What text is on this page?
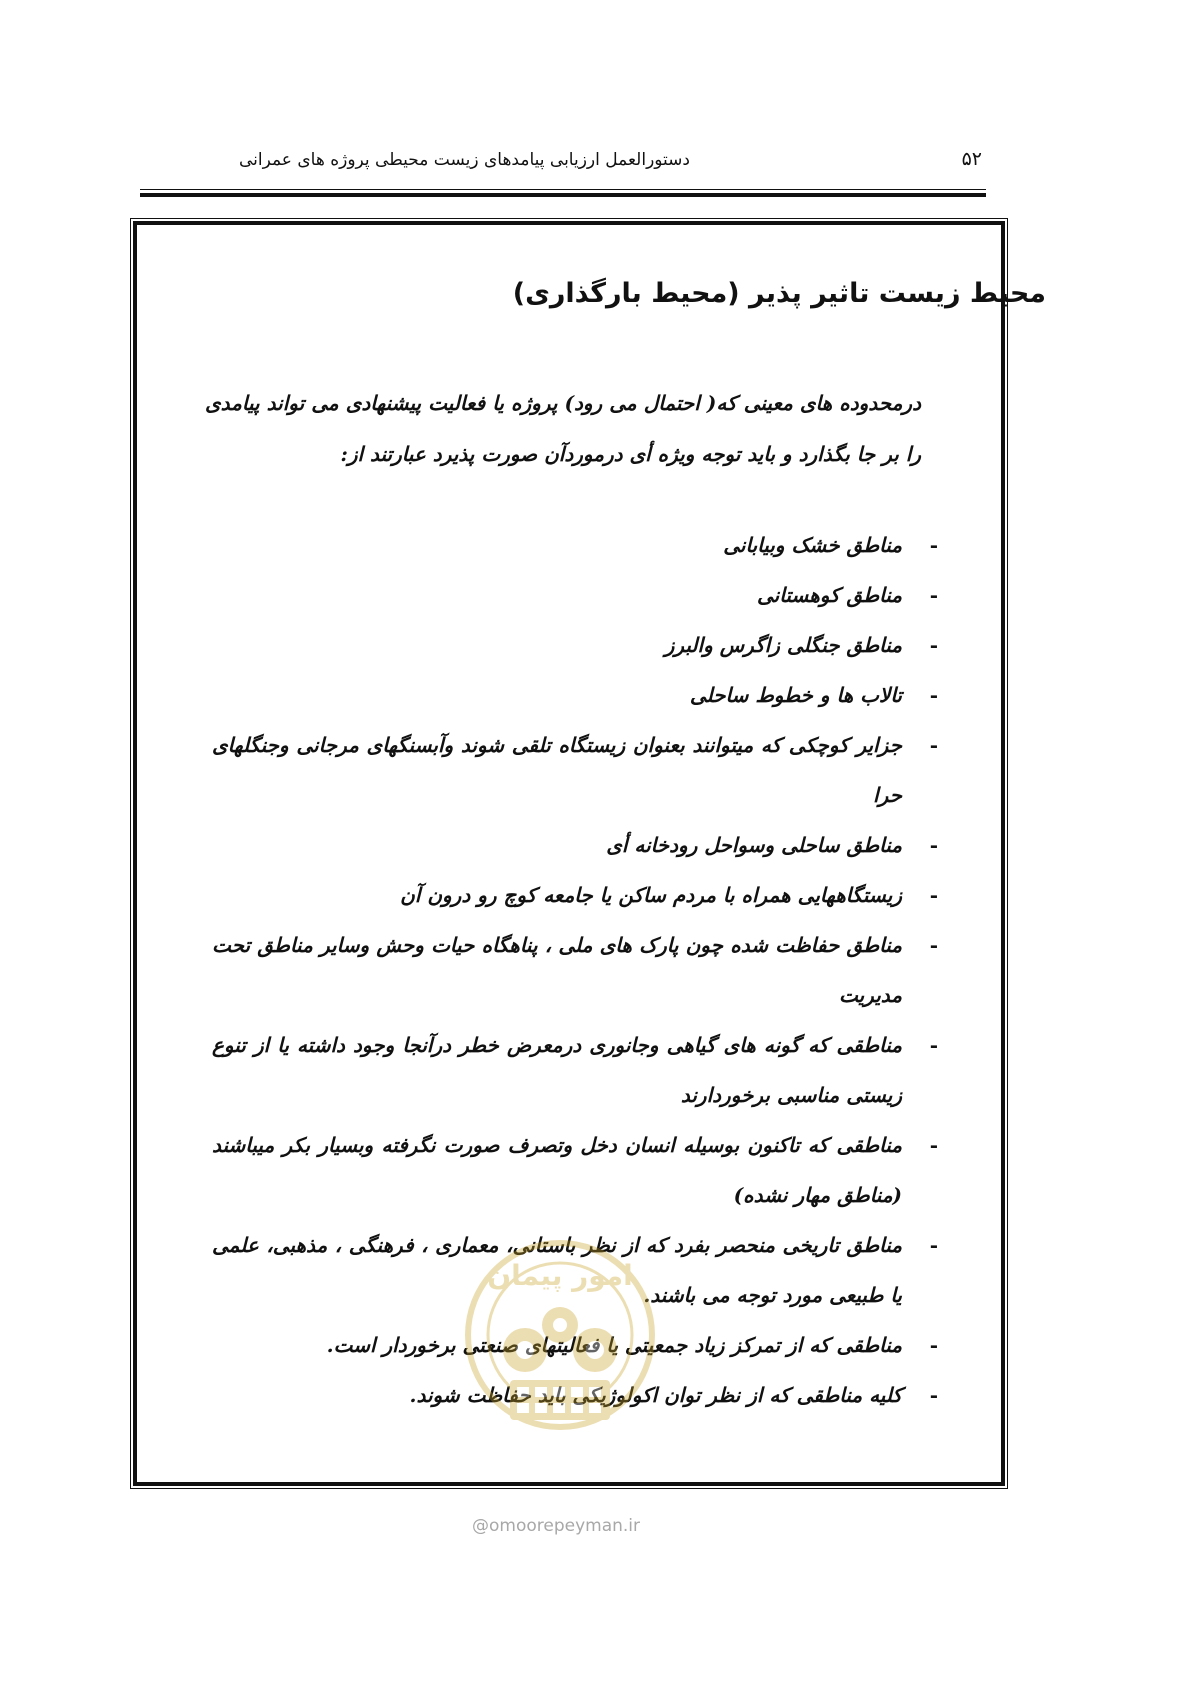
۵۲
دستورالعمل ارزیابی پیامدهای زیست محیطی پروژه های عمرانی
محیط زیست تاثیر پذیر (محیط بارگذاری)

درمحدوده های معینی که( احتمال می رود) پروژه یا فعالیت پیشنهادی می تواند پیامدی را بر جا بگذارد و باید توجه ویژه أی درموردآن صورت پذیرد عبارتند از:

-
مناطق خشک وبیابانی
-
مناطق کوهستانی
-
مناطق جنگلی زاگرس والبرز
-
تالاب ها و خطوط ساحلی
-
جزایر کوچکی که میتوانند بعنوان زیستگاه تلقی شوند وآبسنگهای مرجانی وجنگلهای حرا
-
مناطق ساحلی وسواحل رودخانه أی
-
زیستگاههایی همراه با مردم ساکن یا جامعه کوچ رو درون آن
-
مناطق حفاظت شده چون پارک های ملی ، پناهگاه حیات وحش وسایر مناطق تحت مدیریت
-
مناطقی که گونه های گیاهی وجانوری درمعرض خطر درآنجا وجود داشته یا از تنوع زیستی مناسبی برخوردارند
-
مناطقی که تاکنون بوسیله انسان دخل وتصرف صورت نگرفته وبسیار بکر میباشند (مناطق مهار نشده)
-
مناطق تاریخی منحصر بفرد که از نظر باستانی، معماری ، فرهنگی ، مذهبی، علمی یا طبیعی مورد توجه می باشند.
-
مناطقی که از تمرکز زیاد جمعیتی یا فعالیتهای صنعتی برخوردار است.
-
کلیه مناطقی که از نظر توان اکولوژیکی باید حفاظت شوند.
امور پیمان
@omoorepeyman.ir
